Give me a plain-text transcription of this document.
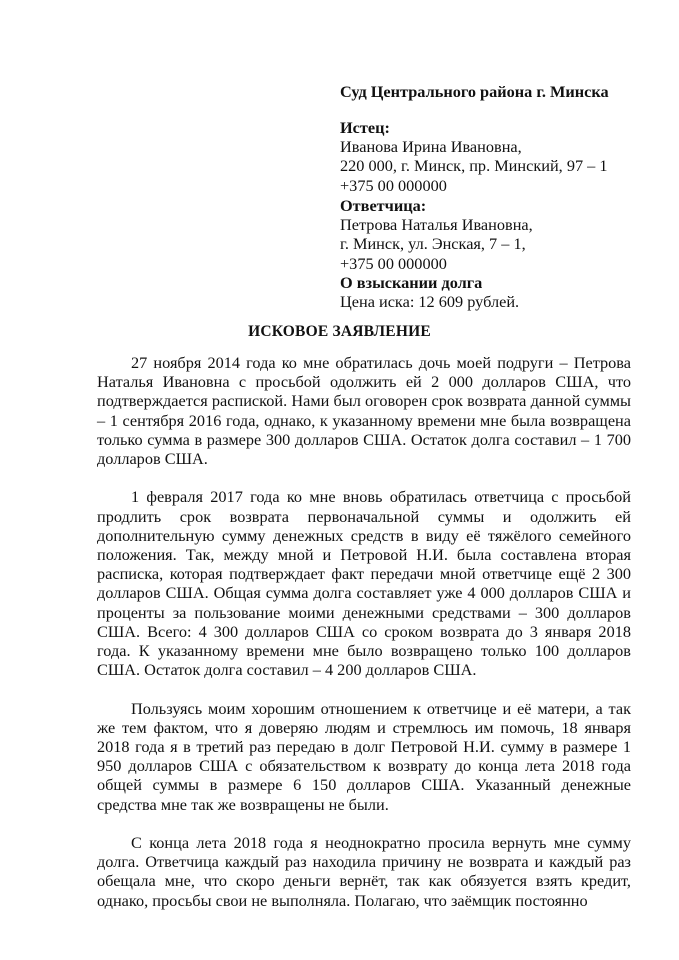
Суд Центрального района г. Минска
Истец:
Иванова Ирина Ивановна,
220 000, г. Минск, пр. Минский, 97 – 1
+375 00 000000
Ответчица:
Петрова Наталья Ивановна,
г. Минск, ул. Энская, 7 – 1,
+375 00 000000
О взыскании долга
Цена иска: 12 609 рублей.
ИСКОВОЕ ЗАЯВЛЕНИЕ

27 ноября 2014 года ко мне обратилась дочь моей подруги – Петрова Наталья Ивановна с просьбой одолжить ей 2 000 долларов США, что подтверждается распиской. Нами был оговорен срок возврата данной суммы – 1 сентября 2016 года, однако, к указанному времени мне была возвращена только сумма в размере 300 долларов США. Остаток долга составил – 1 700 долларов США.

1 февраля 2017 года ко мне вновь обратилась ответчица с просьбой продлить срок возврата первоначальной суммы и одолжить ей дополнительную сумму денежных средств в виду её тяжёлого семейного положения. Так, между мной и Петровой Н.И. была составлена вторая расписка, которая подтверждает факт передачи мной ответчице ещё 2 300 долларов США. Общая сумма долга составляет уже 4 000 долларов США и проценты за пользование моими денежными средствами – 300 долларов США. Всего: 4 300 долларов США со сроком возврата до 3 января 2018 года. К указанному времени мне было возвращено только 100 долларов США. Остаток долга составил – 4 200 долларов США.

Пользуясь моим хорошим отношением к ответчице и её матери, а так же тем фактом, что я доверяю людям и стремлюсь им помочь, 18 января 2018 года я в третий раз передаю в долг Петровой Н.И. сумму в размере 1 950 долларов США с обязательством к возврату до конца лета 2018 года общей суммы в размере 6 150 долларов США. Указанный денежные средства мне так же возвращены не были.

С конца лета 2018 года я неоднократно просила вернуть мне сумму долга. Ответчица каждый раз находила причину не возврата и каждый раз обещала мне, что скоро деньги вернёт, так как обязуется взять кредит, однако, просьбы свои не выполняла. Полагаю, что заёмщик постоянно
